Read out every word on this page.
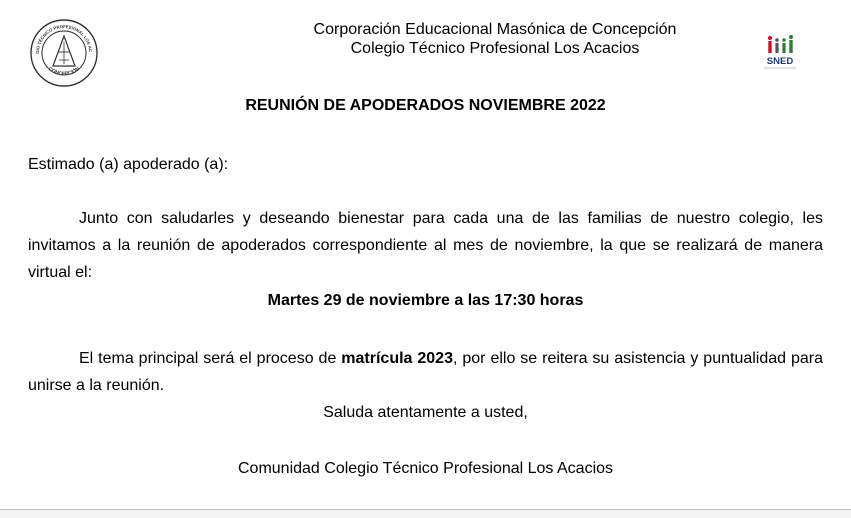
GIO TÉCNICO PROFESIONAL LOS AC
CONCEPCIÓN
Corporación Educacional Masónica de Concepción
Colegio Técnico Profesional Los Acacios
SNED
REUNIÓN DE APODERADOS NOVIEMBRE 2022
Estimado (a) apoderado (a):
Junto con saludarles y deseando bienestar para cada una de las familias de nuestro colegio, les invitamos a la reunión de apoderados correspondiente al mes de noviembre, la que se realizará de manera virtual el:
Martes 29 de noviembre a las 17:30 horas
El tema principal será el proceso de matrícula 2023, por ello se reitera su asistencia y puntualidad para unirse a la reunión.
Saluda atentamente a usted,
Comunidad Colegio Técnico Profesional Los Acacios
